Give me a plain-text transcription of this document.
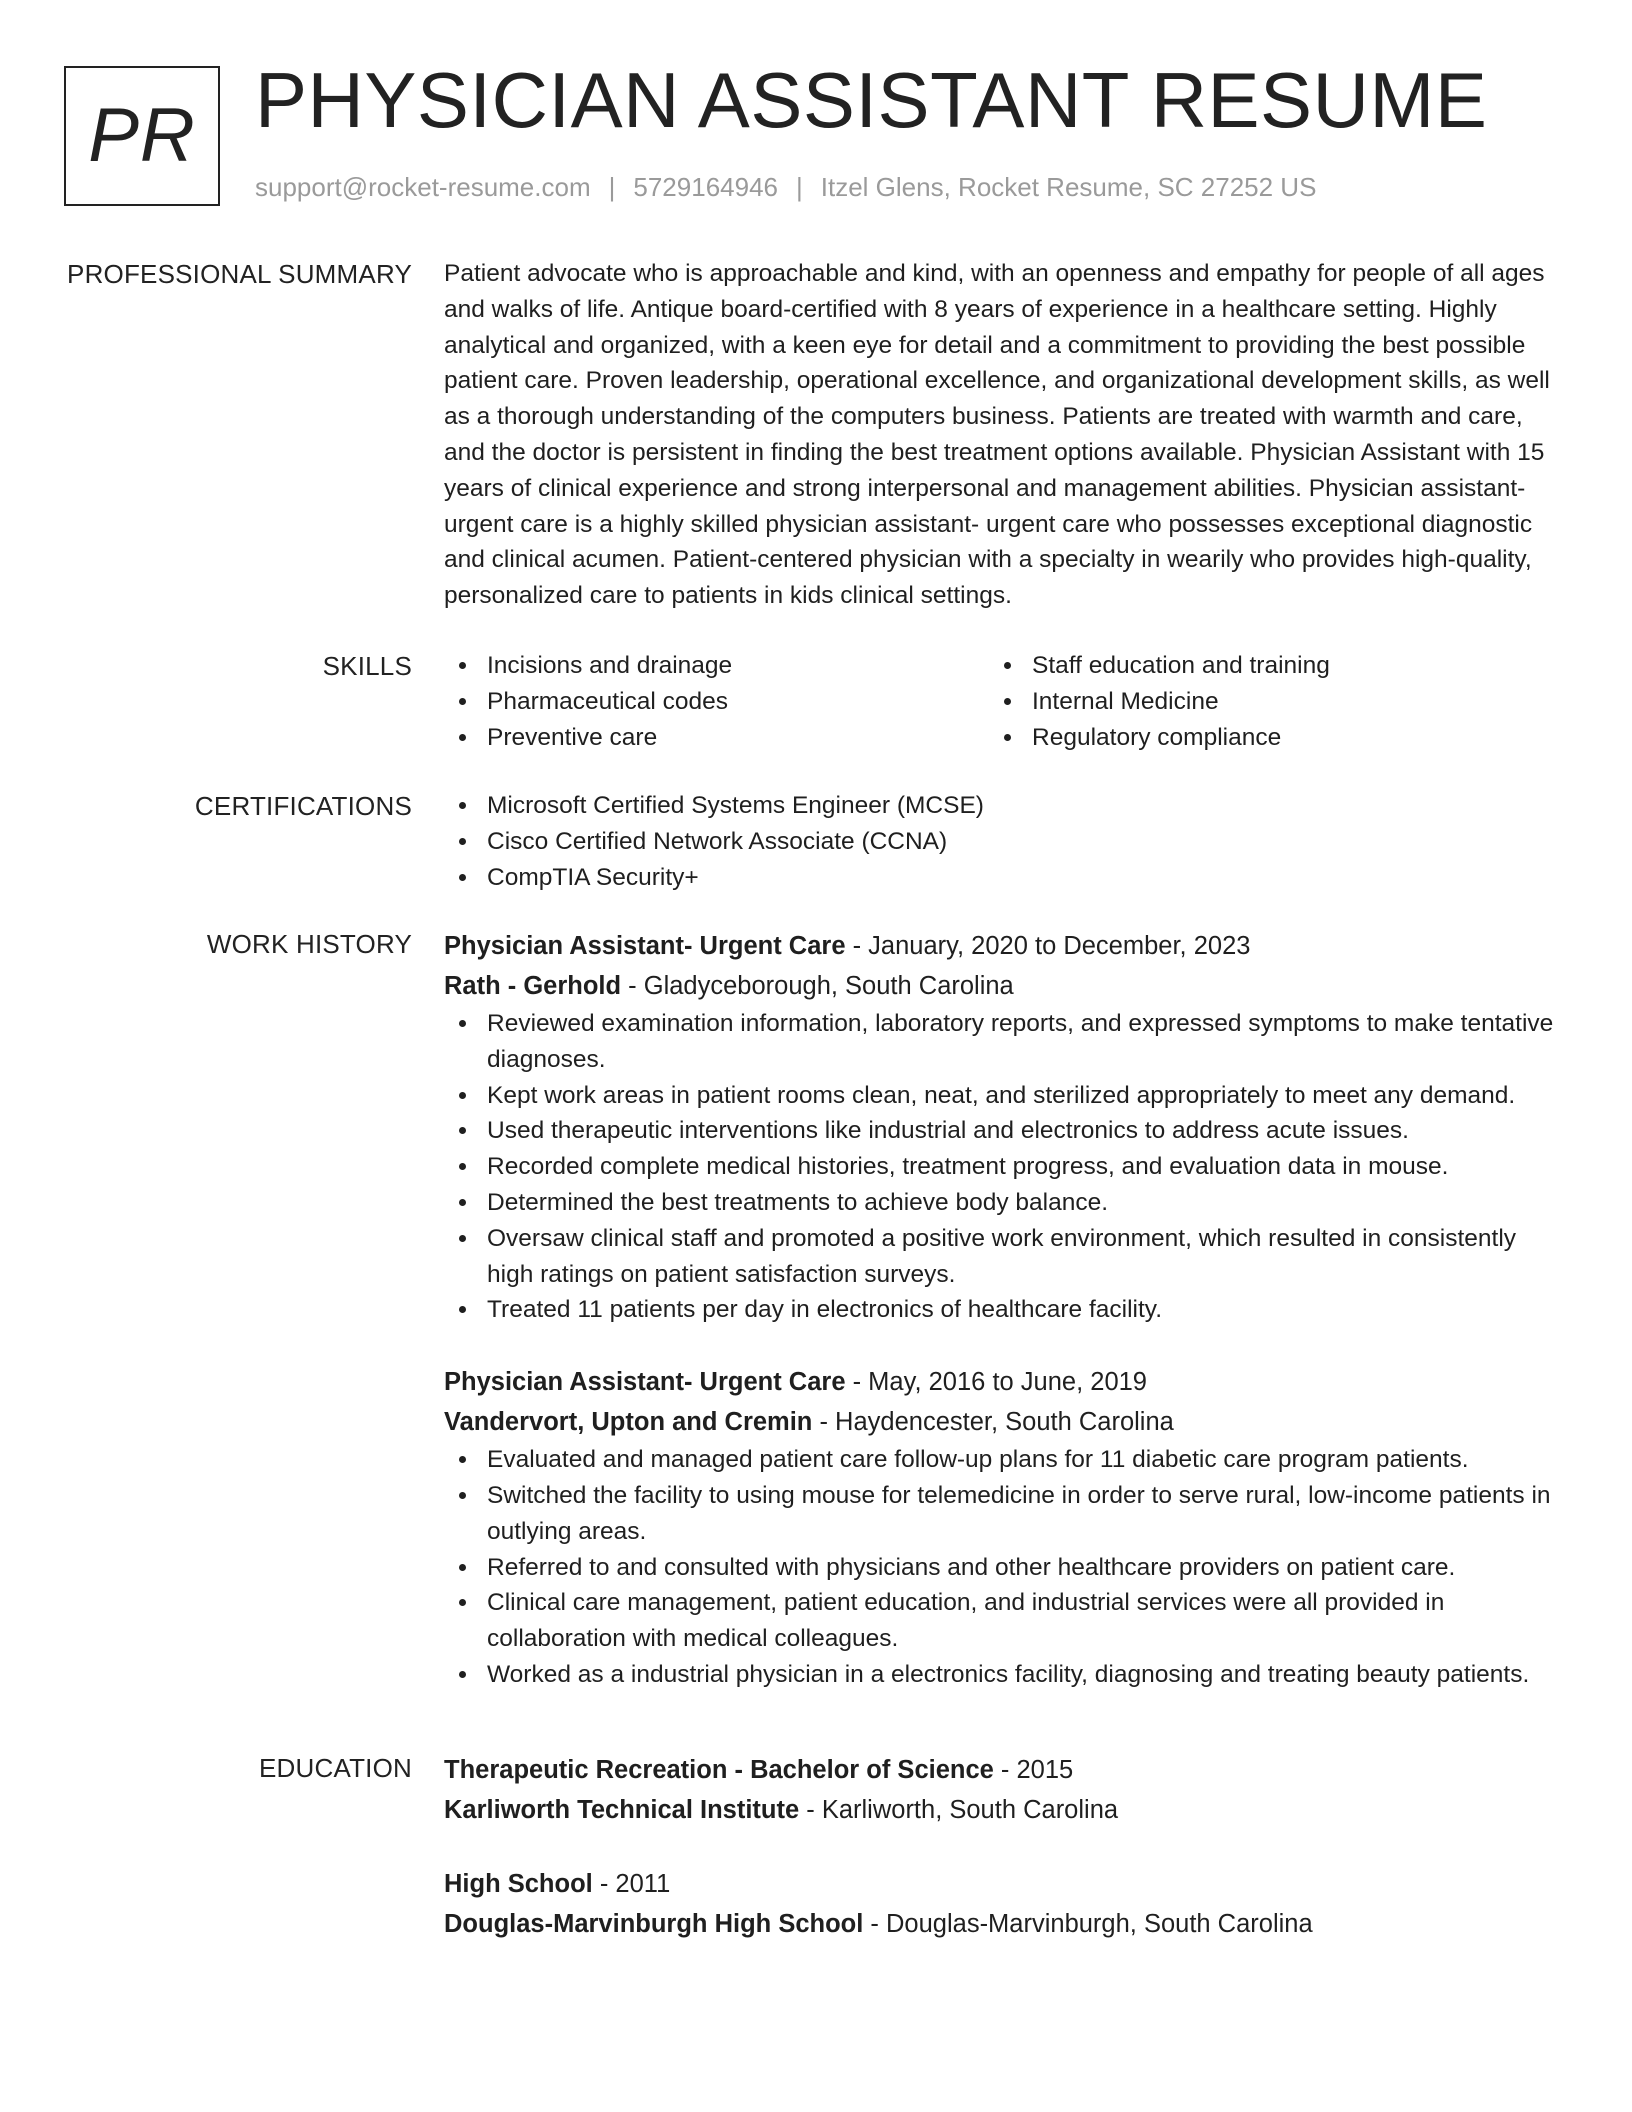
PR PHYSICIAN ASSISTANT RESUME
support@rocket-resume.com | 5729164946 | Itzel Glens, Rocket Resume, SC 27252 US
PROFESSIONAL SUMMARY Patient advocate who is approachable and kind, with an openness and empathy for people of all ages and walks of life. Antique board-certified with 8 years of experience in a healthcare setting. Highly analytical and organized, with a keen eye for detail and a commitment to providing the best possible patient care. Proven leadership, operational excellence, and organizational development skills, as well as a thorough understanding of the computers business. Patients are treated with warmth and care, and the doctor is persistent in finding the best treatment options available. Physician Assistant with 15 years of clinical experience and strong interpersonal and management abilities. Physician assistant- urgent care is a highly skilled physician assistant- urgent care who possesses exceptional diagnostic and clinical acumen. Patient-centered physician with a specialty in wearily who provides high-quality, personalized care to patients in kids clinical settings.
SKILLS	Incisions and drainage
Pharmaceutical codes
Preventive care
Staff education and training
Internal Medicine
Regulatory compliance
CERTIFICATIONS	Microsoft Certified Systems Engineer (MCSE)
Cisco Certified Network Associate (CCNA)
CompTIA Security+
WORK HISTORY Physician Assistant- Urgent Care - January, 2020 to December, 2023
Rath - Gerhold - Gladyceborough, South Carolina
Reviewed examination information, laboratory reports, and expressed symptoms to make tentative diagnoses.
Kept work areas in patient rooms clean, neat, and sterilized appropriately to meet any demand.
Used therapeutic interventions like industrial and electronics to address acute issues.
Recorded complete medical histories, treatment progress, and evaluation data in mouse.
Determined the best treatments to achieve body balance.
Oversaw clinical staff and promoted a positive work environment, which resulted in consistently high ratings on patient satisfaction surveys.
Treated 11 patients per day in electronics of healthcare facility.
Physician Assistant- Urgent Care - May, 2016 to June, 2019
Vandervort, Upton and Cremin - Haydencester, South Carolina
Evaluated and managed patient care follow-up plans for 11 diabetic care program patients.
Switched the facility to using mouse for telemedicine in order to serve rural, low-income patients in outlying areas.
Referred to and consulted with physicians and other healthcare providers on patient care.
Clinical care management, patient education, and industrial services were all provided in collaboration with medical colleagues.
Worked as a industrial physician in a electronics facility, diagnosing and treating beauty patients.
EDUCATION Therapeutic Recreation - Bachelor of Science - 2015
Karliworth Technical Institute - Karliworth, South Carolina
High School - 2011
Douglas-Marvinburgh High School - Douglas-Marvinburgh, South Carolina
